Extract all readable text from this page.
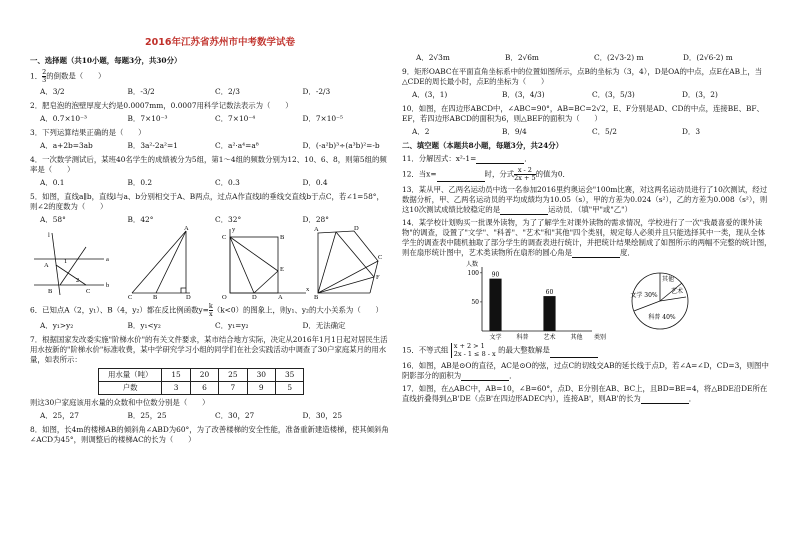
2016年江苏省苏州市中考数学试卷
一、选择题（共10小题，每题3分，共30分）
1． $\frac{2}{3}$ 的倒数是（　　）
A．3/2	B．-3/2	C．2/3	D．-2/3
2．肥皂泡的泡壁厚度大约是0.0007mm，0.0007用科学记数法表示为（　　）
A．0.7×10⁻³	B．7×10⁻³	C．7×10⁻⁴	D．7×10⁻⁵
3．下列运算结果正确的是（　　）
A．a+2b=3ab	B．3a²-2a²=1	C．a²·a⁴=a⁸	D．(-a²b)³÷(a³b)²=-b
4．一次数学测试后，某班40名学生的成绩被分为5组，第1～4组的频数分别为12、10、6、8，则第5组的频率是（　　）
A．0.1	B．0.2	C．0.3	D．0.4
5．如图，直线a∥b，直线l与a、b分别相交于A、B两点，过点A作直线l的垂线交直线b于点C，若∠1=58°，则∠2的度数为（　　）
A．58°	B．42°	C．32°	D．28°
l
a
b
A
B	C
1
2
A
C	B	D
y
x
C	B
E
O	D	A
A	D
C
F
B
6．已知点A（2，y₁）、B（4，y₂）都在反比例函数$y= \frac{k}{x} (k<0)$的图象上，则y₁、y₂的大小关系为（　　）
A．y₁>y₂	B．y₁<y₂	C．y₁=y₂	D．无法确定
7．根据国家发改委实施"阶梯水价"的有关文件要求，某市结合地方实际，决定从2016年1月1日起对居民生活用水按新的"阶梯水价"标准收费，某中学研究学习小组的同学们在社会实践活动中调查了30户家庭某月的用水量，如表所示：
用水量（吨）	15	20	25	30	35
户数	3	6	7	9	5
则这30户家庭该用水量的众数和中位数分别是（　　）
A．25，27	B．25，25	C．30，27	D．30，25
8．如图，长4m的楼梯AB的倾斜角∠ABD为60°，为了改善楼梯的安全性能，准备重新建造楼梯，使其倾斜角∠ACD为45°，则调整后的楼梯AC的长为（　　）
A．2√3m	B．2√6m	C．(2√3-2) m	D．(2√6-2) m
9．矩形OABC在平面直角坐标系中的位置如图所示，点B的坐标为（3，4），D是OA的中点，点E在AB上，当△CDE的周长最小时，点E的坐标为（　　）
A．(3，1)	B．(3，4/3)	C．(3，5/3)	D．(3，2)
10．如图，在四边形ABCD中，∠ABC=90°，AB=BC=2√2，E、F分别是AD、CD的中点，连接BE、BF、EF，若四边形ABCD的面积为6，则△BEF的面积为（　　）
A．2	B．9/4	C．5/2	D．3
二、填空题（本题共8小题，每题3分，共24分）
11．分解因式：x²-1=	．
12．当x=	时，分式 $\frac{x - 2}{2x + 5}$ 的值为0．
13．某从甲、乙两名运动员中选一名参加2016里约奥运会"100m比赛，对这两名运动员进行了10次测试，经过数据分析，甲、乙两名运动员的平均成绩均为10.05（s），甲的方差为0.024（s²），乙的方差为0.008（s²），则这10次测试成绩比较稳定的是	运动员．（填"甲"或"乙"）
14．某学校计划购买一批课外读物，为了了解学生对课外读物的需求情况，学校进行了一次"我最喜爱的课外读物"的调查，设置了"文学"、"科普"、"艺术"和"其他"四个类别，规定每人必须并且只能选择其中一类，现从全体学生的调查表中随机抽取了部分学生的调查表进行统计，并把统计结果绘制成了如图所示的两幅不完整的统计图，则在扇形统计图中，艺术类读物所在扇形的圆心角是	度．
人数
类别
50
100
文学
90
科普 艺术
60
其他
艺术
其他
文学 30%
科普 40%
15．不等式组 x + 2 > 1
2x - 1 ≤ 8 - x 的最大整数解是
16．如图，AB是⊙O的直径，AC是⊙O的弦，过点C的切线交AB的延长线于点D，若∠A=∠D，CD=3，则图中阴影部分的面积为	．
17．如图，在△ABC中，AB=10，∠B=60°，点D、E分别在AB、BC上，且BD=BE=4，将△BDE沿DE所在直线折叠得到△B'DE（点B'在四边形ADEC内），连接AB'，则AB'的长为	．
